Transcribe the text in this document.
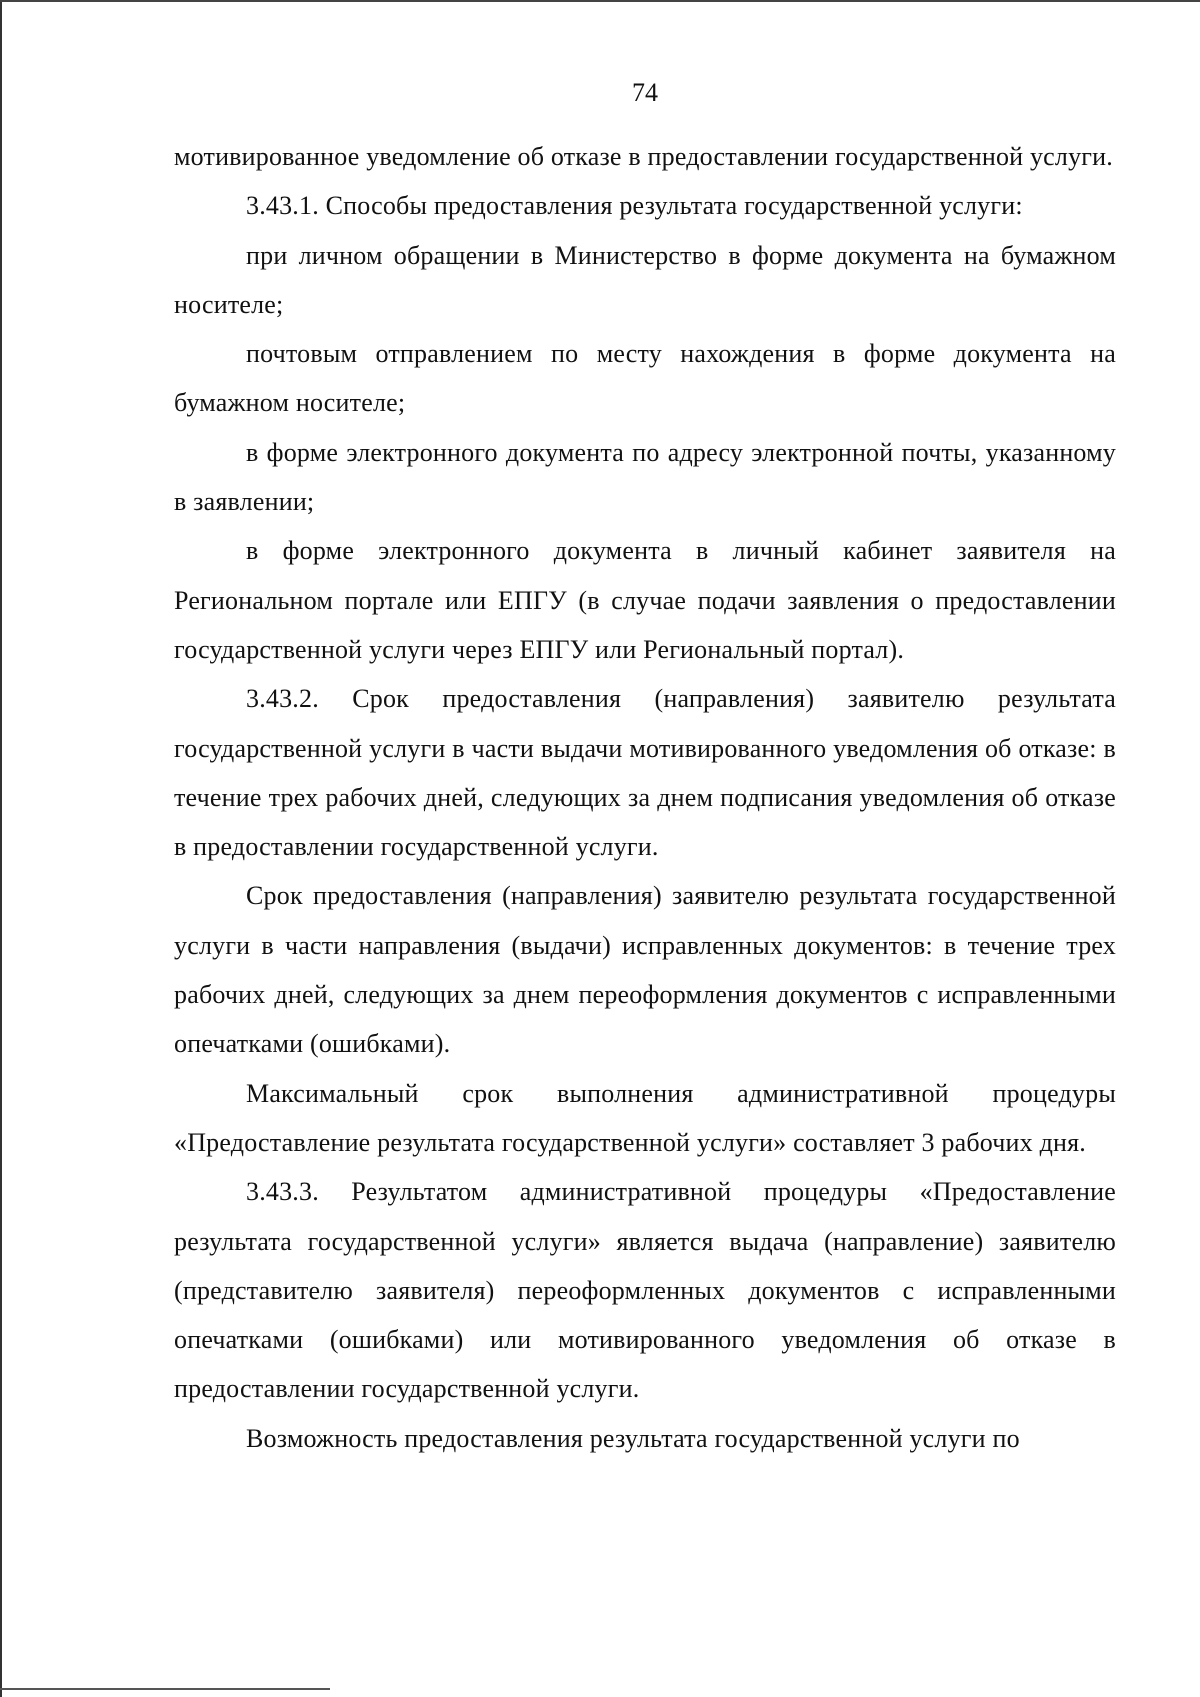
74

мотивированное уведомление об отказе в предоставлении государственной услуги.

3.43.1. Способы предоставления результата государственной услуги:

при личном обращении в Министерство в форме документа на бумажном носителе;

почтовым отправлением по месту нахождения в форме документа на бумажном носителе;

в форме электронного документа по адресу электронной почты, указанному в заявлении;

в форме электронного документа в личный кабинет заявителя на Региональном портале или ЕПГУ (в случае подачи заявления о предоставлении государственной услуги через ЕПГУ или Региональный портал).

3.43.2. Срок предоставления (направления) заявителю результата государственной услуги в части выдачи мотивированного уведомления об отказе: в течение трех рабочих дней, следующих за днем подписания уведомления об отказе в предоставлении государственной услуги.

Срок предоставления (направления) заявителю результата государственной услуги в части направления (выдачи) исправленных документов: в течение трех рабочих дней, следующих за днем переоформления документов с исправленными опечатками (ошибками).

Максимальный срок выполнения административной процедуры «Предоставление результата государственной услуги» составляет 3 рабочих дня.

3.43.3. Результатом административной процедуры «Предоставление результата государственной услуги» является выдача (направление) заявителю (представителю заявителя) переоформленных документов с исправленными опечатками (ошибками) или мотивированного уведомления об отказе в предоставлении государственной услуги.

Возможность предоставления результата государственной услуги по
